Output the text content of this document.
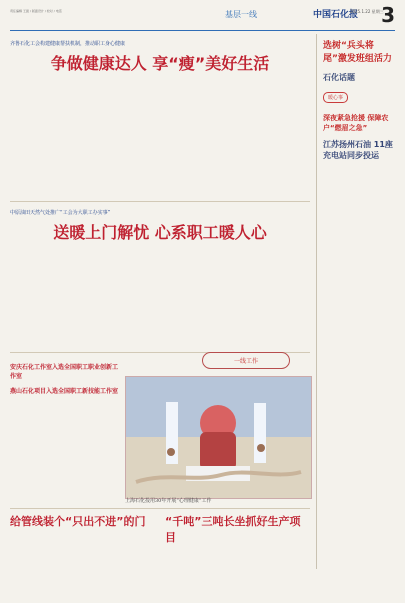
责任编辑 王振 / 版面设计 / 校对 / 电话	基层一线	中国石化报
2025.1.22 星期三
3
齐鲁石化工会构建健康帮扶机制，推动职工身心健康
争做健康达人 享“瘦”美好生活
中原油田天然气处推广“工会为大职工办实事”
送暖上门解忧 心系职工暖人心
一线工作
安庆石化工作室入选全国职工职业创新工作室
燕山石化项目入选全国职工新技能工作室
上海石化投用30年开展“心理健康”工作
给管线装个“只出不进”的门 “千吨”三吨长坐抓好生产项目
选树“兵头将尾”激发班组活力
石化话题
暖心事
深夜紧急抢援 保障农户“燃眉之急”
江苏扬州石油 11座充电站同步投运
